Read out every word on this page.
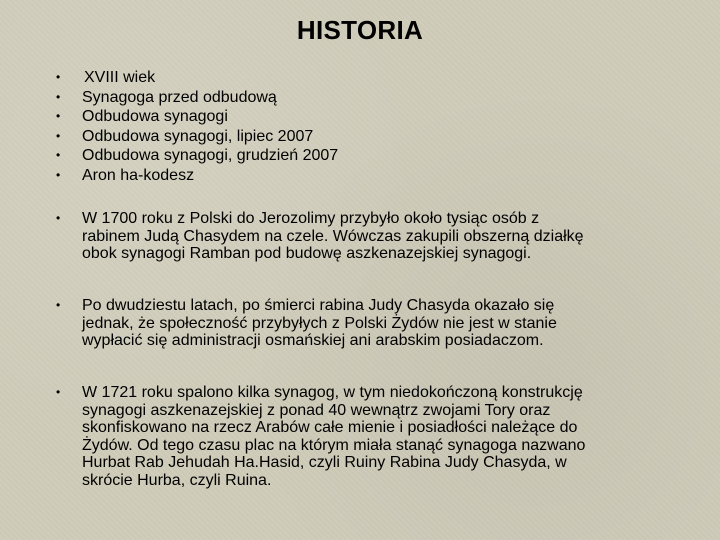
HISTORIA
• XVIII wiek
• Synagoga przed odbudową
• Odbudowa synagogi
• Odbudowa synagogi, lipiec 2007
• Odbudowa synagogi, grudzień 2007
• Aron ha-kodesz
• W 1700 roku z Polski do Jerozolimy przybyło około tysiąc osób z rabinem Judą Chasydem na czele. Wówczas zakupili obszerną działkę obok synagogi Ramban pod budowę aszkenazejskiej synagogi.
• Po dwudziestu latach, po śmierci rabina Judy Chasyda okazało się jednak, że społeczność przybyłych z Polski Żydów nie jest w stanie wypłacić się administracji osmańskiej ani arabskim posiadaczom.
• W 1721 roku spalono kilka synagog, w tym niedokończoną konstrukcję synagogi aszkenazejskiej z ponad 40 wewnątrz zwojami Tory oraz skonfiskowano na rzecz Arabów całe mienie i posiadłości należące do Żydów. Od tego czasu plac na którym miała stanąć synagoga nazwano Hurbat Rab Jehudah Ha.Hasid, czyli Ruiny Rabina Judy Chasyda, w skrócie Hurba, czyli Ruina.
